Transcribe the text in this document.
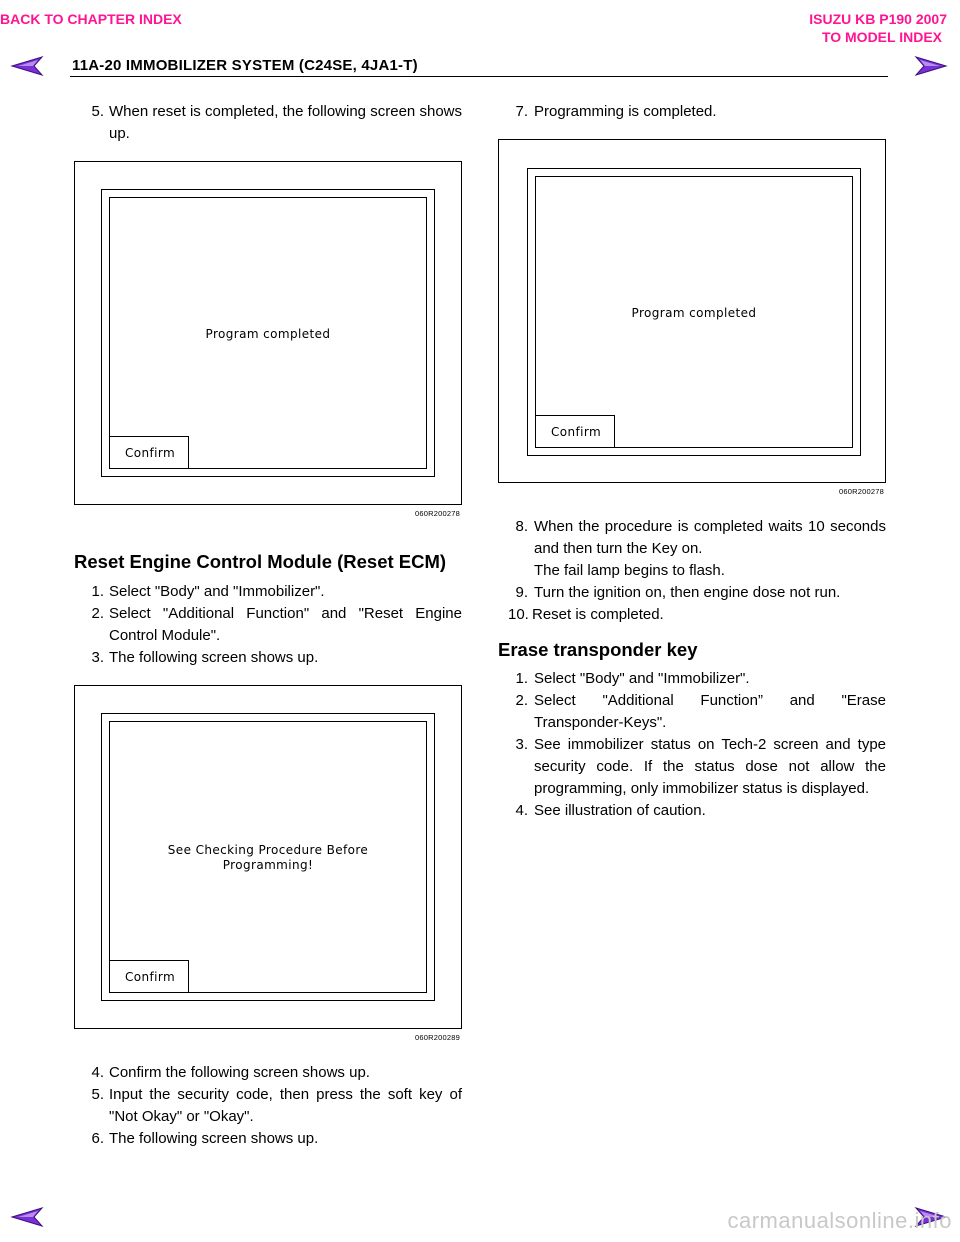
BACK TO CHAPTER INDEX	ISUZU KB P190 2007
TO MODEL INDEX
11A-20 IMMOBILIZER SYSTEM (C24SE, 4JA1-T)
5. When reset is completed, the following screen shows up.
Program completed
Confirm
060R200278
Reset Engine Control Module (Reset ECM)
1. Select "Body" and "Immobilizer".
2. Select "Additional Function" and "Reset Engine Control Module".
3. The following screen shows up.
See Checking Procedure Before
Programming!
Confirm
060R200289
4. Confirm the following screen shows up.
5. Input the security code, then press the soft key of "Not Okay" or "Okay".
6. The following screen shows up.
7. Programming is completed.
Program completed
Confirm
060R200278
8. When the procedure is completed waits 10 seconds and then turn the Key on.
The fail lamp begins to flash.
9. Turn the ignition on, then engine dose not run.
10. Reset is completed.
Erase transponder key
1. Select "Body" and "Immobilizer".
2. Select "Additional Function” and "Erase Transponder-Keys".
3. See immobilizer status on Tech-2 screen and type security code. If the status dose not allow the programming, only immobilizer status is displayed.
4. See illustration of caution.
carmanualsonline.info
